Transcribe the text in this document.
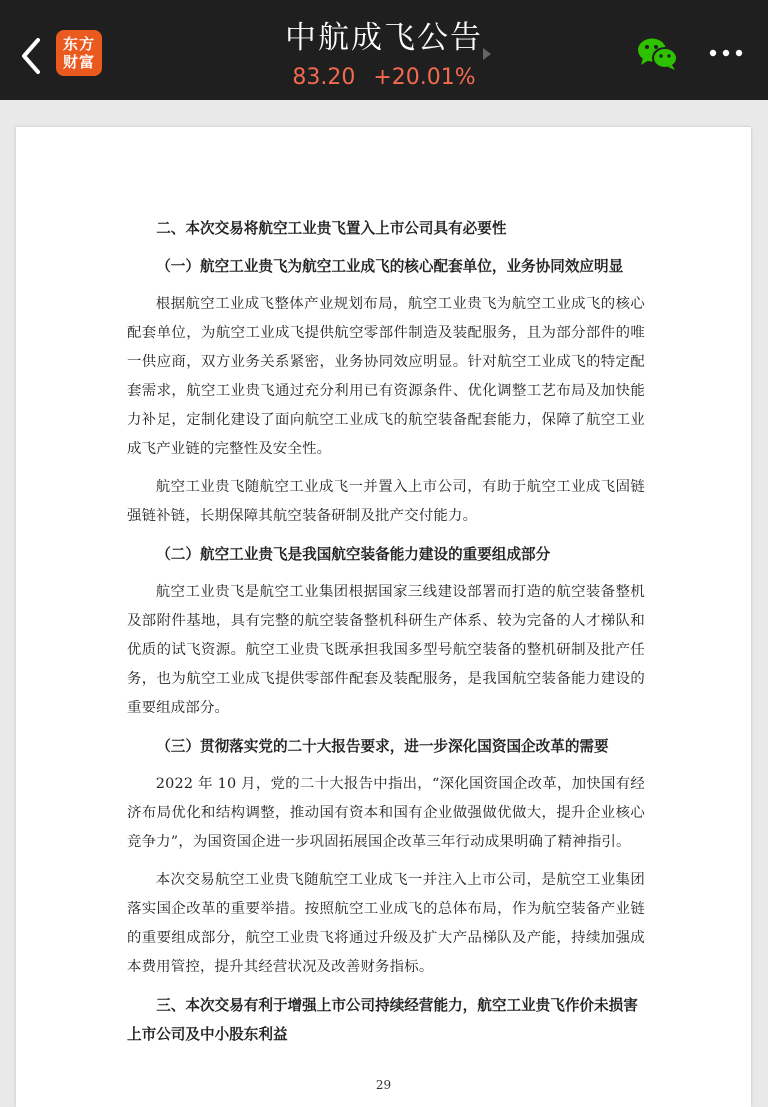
东方
财富
中航成飞公告
83.20 +20.01%

二、本次交易将航空工业贵飞置入上市公司具有必要性

（一）航空工业贵飞为航空工业成飞的核心配套单位，业务协同效应明显

根据航空工业成飞整体产业规划布局，航空工业贵飞为航空工业成飞的核心配套单位，为航空工业成飞提供航空零部件制造及装配服务，且为部分部件的唯一供应商，双方业务关系紧密，业务协同效应明显。针对航空工业成飞的特定配套需求，航空工业贵飞通过充分利用已有资源条件、优化调整工艺布局及加快能力补足，定制化建设了面向航空工业成飞的航空装备配套能力，保障了航空工业成飞产业链的完整性及安全性。

航空工业贵飞随航空工业成飞一并置入上市公司，有助于航空工业成飞固链强链补链，长期保障其航空装备研制及批产交付能力。

（二）航空工业贵飞是我国航空装备能力建设的重要组成部分

航空工业贵飞是航空工业集团根据国家三线建设部署而打造的航空装备整机及部附件基地，具有完整的航空装备整机科研生产体系、较为完备的人才梯队和优质的试飞资源。航空工业贵飞既承担我国多型号航空装备的整机研制及批产任务，也为航空工业成飞提供零部件配套及装配服务，是我国航空装备能力建设的重要组成部分。

（三）贯彻落实党的二十大报告要求，进一步深化国资国企改革的需要

2022 年 10 月，党的二十大报告中指出，“深化国资国企改革，加快国有经济布局优化和结构调整，推动国有资本和国有企业做强做优做大，提升企业核心竞争力”，为国资国企进一步巩固拓展国企改革三年行动成果明确了精神指引。

本次交易航空工业贵飞随航空工业成飞一并注入上市公司，是航空工业集团落实国企改革的重要举措。按照航空工业成飞的总体布局，作为航空装备产业链的重要组成部分，航空工业贵飞将通过升级及扩大产品梯队及产能，持续加强成本费用管控，提升其经营状况及改善财务指标。

三、本次交易有利于增强上市公司持续经营能力，航空工业贵飞作价未损害上市公司及中小股东利益

29
